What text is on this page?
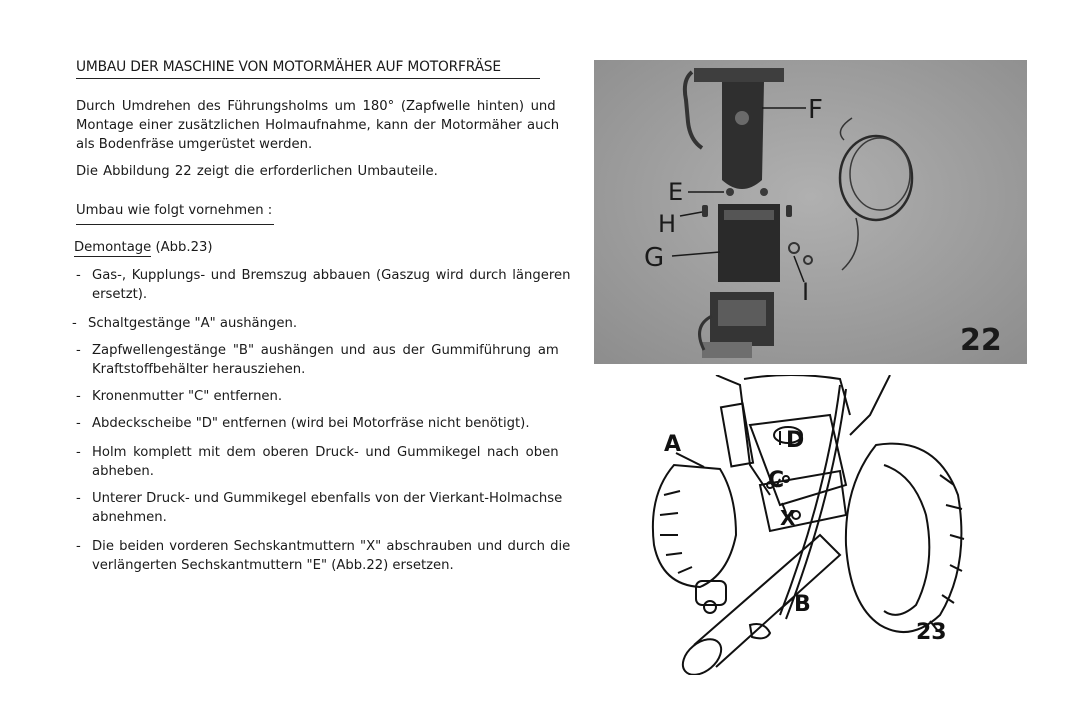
UMBAU DER MASCHINE VON MOTORMÄHER AUF MOTORFRÄSE
Durch Umdrehen des Führungsholms um 180° (Zapfwelle hinten) und
Montage einer zusätzlichen Holmaufnahme, kann der Motormäher auch
als Bodenfräse umgerüstet werden.
Die Abbildung 22 zeigt die erforderlichen Umbauteile.
Umbau wie folgt vornehmen :
Demontage (Abb.23)
- Gas-, Kupplungs- und Bremszug abbauen (Gaszug wird durch längeren
ersetzt).
- Schaltgestänge "A" aushängen.
- Zapfwellengestänge "B" aushängen und aus der Gummiführung am
Kraftstoffbehälter herausziehen.
- Kronenmutter "C" entfernen.
- Abdeckscheibe "D" entfernen (wird bei Motorfräse nicht benötigt).
- Holm komplett mit dem oberen Druck- und Gummikegel nach oben
abheben.
- Unterer Druck- und Gummikegel ebenfalls von der Vierkant-Holmachse
abnehmen.
- Die beiden vorderen Sechskantmuttern "X" abschrauben und durch die
verlängerten Sechskantmuttern "E" (Abb.22) ersetzen.
F
E
H
G
I
22
A	D
C
X
B
23
